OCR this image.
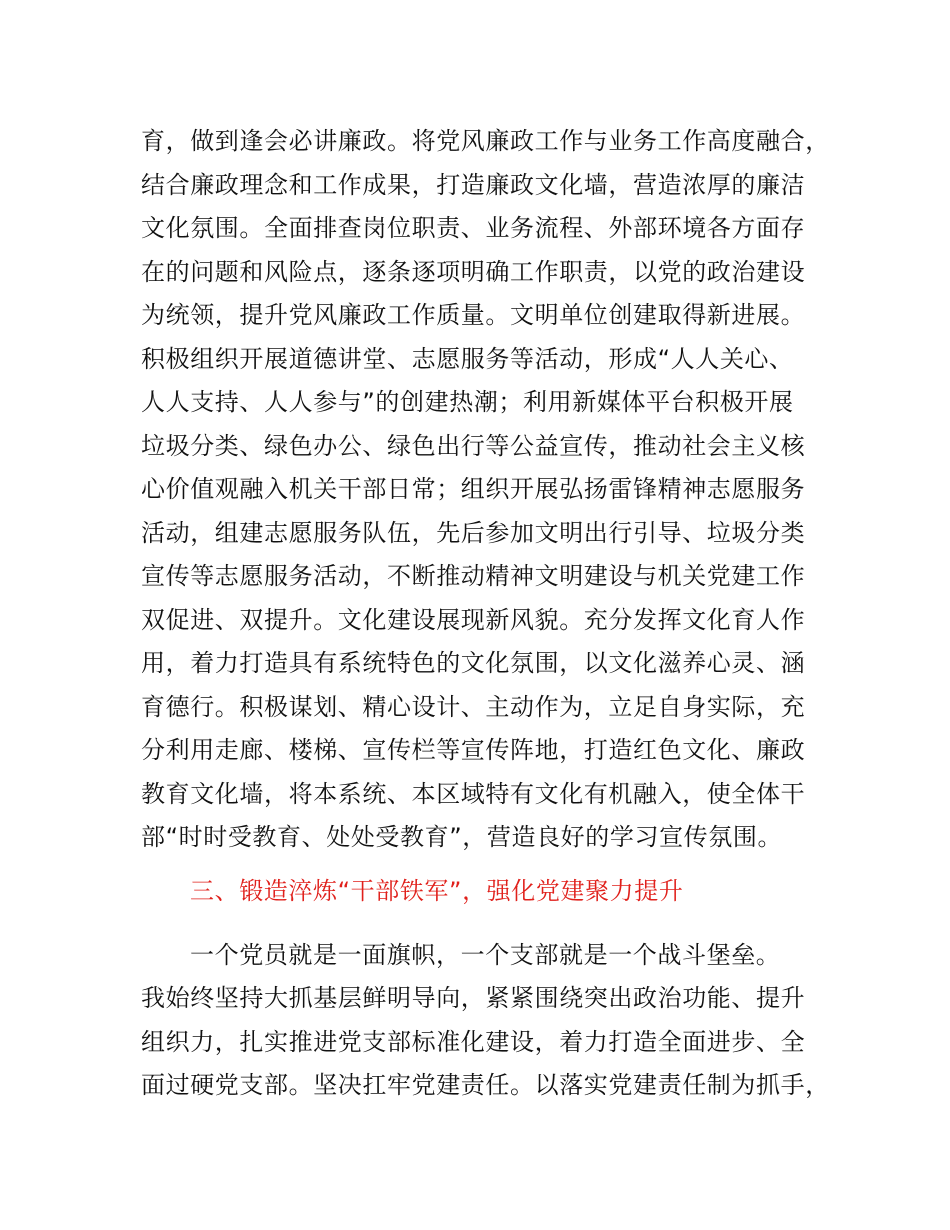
育，做到逢会必讲廉政。将党风廉政工作与业务工作高度融合，
结合廉政理念和工作成果，打造廉政文化墙，营造浓厚的廉洁
文化氛围。全面排查岗位职责、业务流程、外部环境各方面存
在的问题和风险点，逐条逐项明确工作职责，以党的政治建设
为统领，提升党风廉政工作质量。文明单位创建取得新进展。
积极组织开展道德讲堂、志愿服务等活动，形成“人人关心、
人人支持、人人参与”的创建热潮；利用新媒体平台积极开展
垃圾分类、绿色办公、绿色出行等公益宣传，推动社会主义核
心价值观融入机关干部日常；组织开展弘扬雷锋精神志愿服务
活动，组建志愿服务队伍，先后参加文明出行引导、垃圾分类
宣传等志愿服务活动，不断推动精神文明建设与机关党建工作
双促进、双提升。文化建设展现新风貌。充分发挥文化育人作
用，着力打造具有系统特色的文化氛围，以文化滋养心灵、涵
育德行。积极谋划、精心设计、主动作为，立足自身实际，充
分利用走廊、楼梯、宣传栏等宣传阵地，打造红色文化、廉政
教育文化墙，将本系统、本区域特有文化有机融入，使全体干
部“时时受教育、处处受教育”，营造良好的学习宣传氛围。
三、锻造淬炼“干部铁军”，强化党建聚力提升
一个党员就是一面旗帜，一个支部就是一个战斗堡垒。
我始终坚持大抓基层鲜明导向，紧紧围绕突出政治功能、提升
组织力，扎实推进党支部标准化建设，着力打造全面进步、全
面过硬党支部。坚决扛牢党建责任。以落实党建责任制为抓手，
